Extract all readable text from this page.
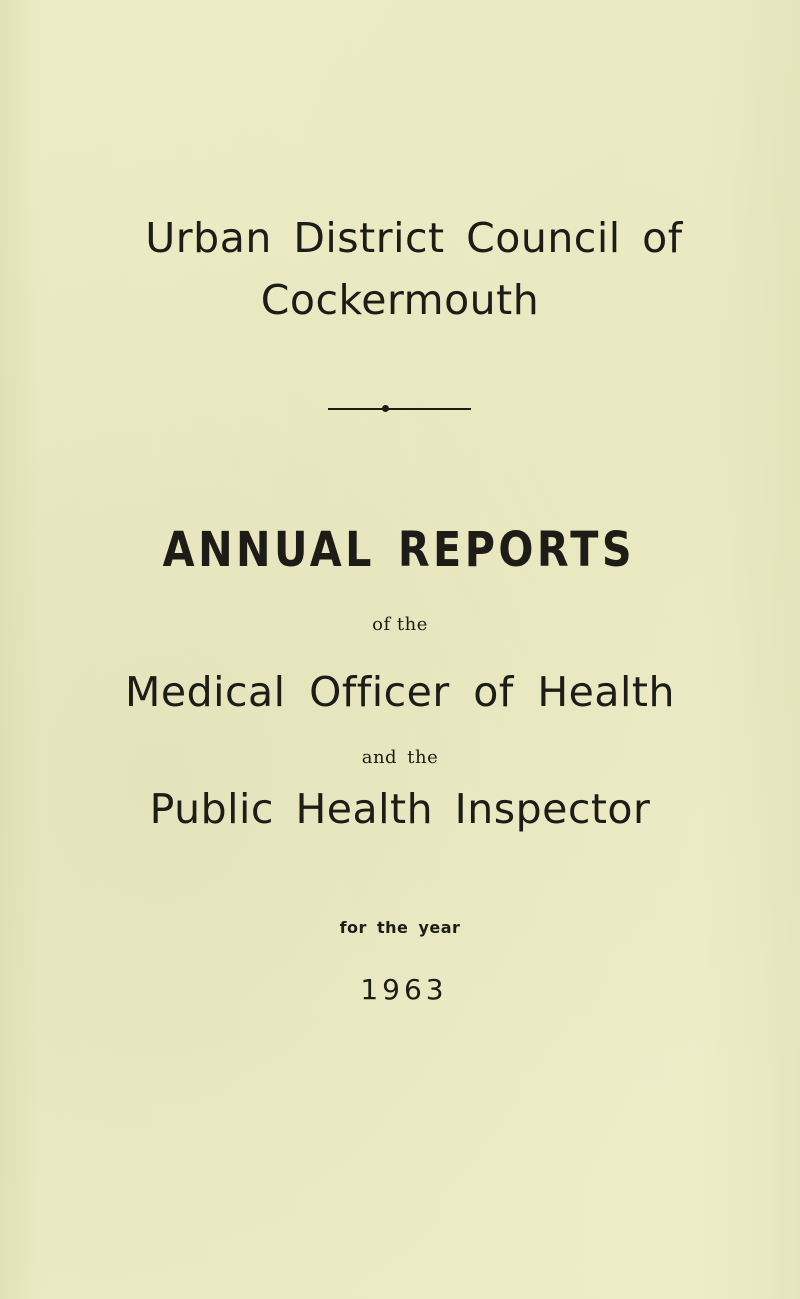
Urban District Council of
Cockermouth
ANNUAL REPORTS
of the
Medical Officer of Health
and the
Public Health Inspector
for the year
1963
